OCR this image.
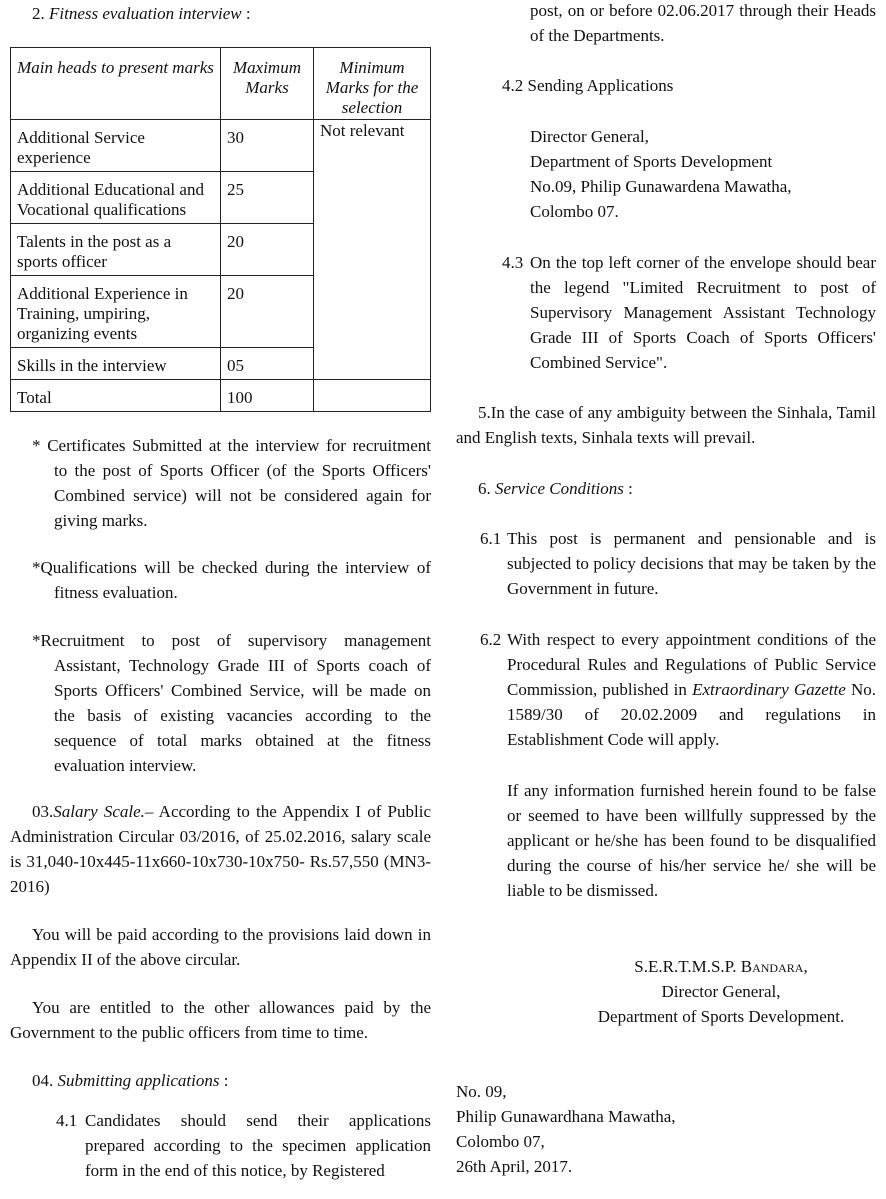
2. Fitness evaluation interview :

Main heads to present marks	Maximum Marks	Minimum Marks for the selection
Additional Service experience	30	Not relevant
Additional Educational and Vocational qualifications	25	
Talents in the post as a sports officer	20	
Additional Experience in Training, umpiring, organizing events	20	
Skills in the interview	05	
Total	100	

* Certificates Submitted at the interview for recruitment to the post of Sports Officer (of the Sports Officers' Combined service) will not be considered again for giving marks.

*Qualifications will be checked during the interview of fitness evaluation.

*Recruitment to post of supervisory management Assistant, Technology Grade III of Sports coach of Sports Officers' Combined Service, will be made on the basis of existing vacancies according to the sequence of total marks obtained at the fitness evaluation interview.

03.Salary Scale.– According to the Appendix I of Public Administration Circular 03/2016, of 25.02.2016, salary scale is 31,040-10x445-11x660-10x730-10x750- Rs.57,550 (MN3-2016)

You will be paid according to the provisions laid down in Appendix II of the above circular.

You are entitled to the other allowances paid by the Government to the public officers from time to time.

04. Submitting applications :

4.1 Candidates should send their applications prepared according to the specimen application form in the end of this notice, by Registered

post, on or before 02.06.2017 through their Heads of the Departments.

4.2 Sending Applications

Director General,

Department of Sports Development

No.09, Philip Gunawardena Mawatha,

Colombo 07.

4.3 On the top left corner of the envelope should bear the legend "Limited Recruitment to post of Supervisory Management Assistant Technology Grade III of Sports Coach of Sports Officers' Combined Service".

5.In the case of any ambiguity between the Sinhala, Tamil and English texts, Sinhala texts will prevail.

6. Service Conditions :

6.1 This post is permanent and pensionable and is subjected to policy decisions that may be taken by the Government in future.

6.2 With respect to every appointment conditions of the Procedural Rules and Regulations of Public Service Commission, published in Extraordinary Gazette No. 1589/30 of 20.02.2009 and regulations in Establishment Code will apply.

If any information furnished herein found to be false or seemed to have been willfully suppressed by the applicant or he/she has been found to be disqualified during the course of his/her service he/ she will be liable to be dismissed.

S.E.R.T.M.S.P. Bandara,

Director General,

Department of Sports Development.

No. 09,

Philip Gunawardhana Mawatha,

Colombo 07,

26th April, 2017.
